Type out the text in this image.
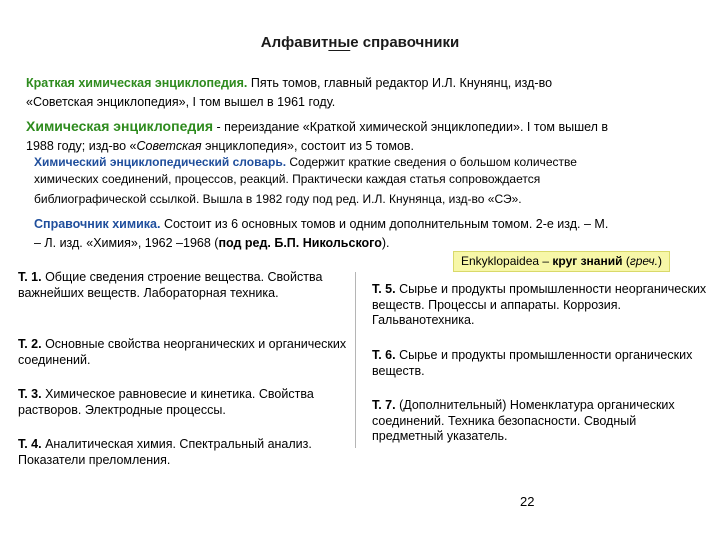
Алфавитные справочники
Краткая химическая энциклопедия. Пять томов, главный редактор И.Л. Кнунянц, изд-во
«Советская энциклопедия», I том вышел в 1961 году.
Химическая энциклопедия - переиздание «Краткой химической энциклопедии». I том вышел в
1988 году; изд-во «Советская энциклопедия», состоит из 5 томов.
Химический энциклопедический словарь. Содержит краткие сведения о большом количестве
химических соединений, процессов, реакций. Практически каждая статья сопровождается
библиографической ссылкой. Вышла в 1982 году под ред. И.Л. Кнунянца, изд-во «СЭ».
Справочник химика. Состоит из 6 основных томов и одним дополнительным томом. 2-е изд. – М.
– Л. изд. «Химия», 1962 –1968 (под ред. Б.П. Никольского).
Enkyklopaidea – круг знаний (греч.)
Т. 1. Общие сведения строение вещества. Свойства важнейших веществ. Лабораторная техника.
Т. 2. Основные свойства неорганических и органических соединений.
Т. 3. Химическое равновесие и кинетика. Свойства растворов. Электродные процессы.
Т. 4. Аналитическая химия. Спектральный анализ. Показатели преломления.
Т. 5. Сырье и продукты промышленности неорганических веществ. Процессы и аппараты. Коррозия. Гальванотехника.
Т. 6. Сырье и продукты промышленности органических веществ.
Т. 7. (Дополнительный) Номенклатура органических соединений. Техника безопасности. Сводный предметный указатель.
22
